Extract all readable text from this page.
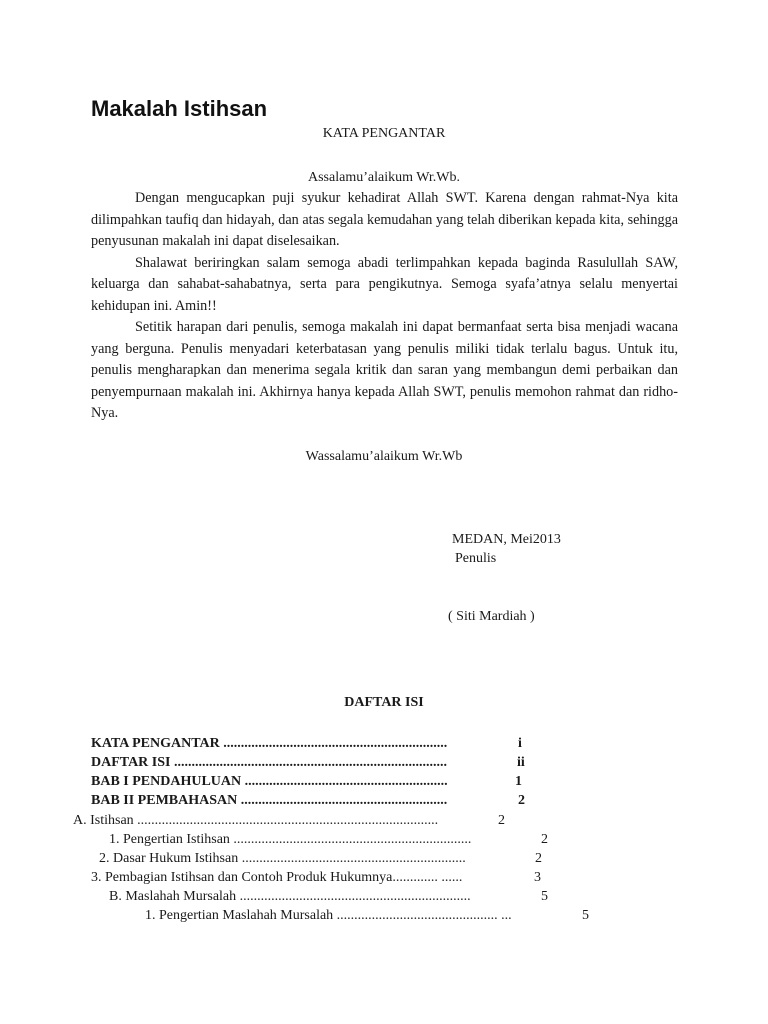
Makalah Istihsan
KATA PENGANTAR
Assalamu’alaikum Wr.Wb.

Dengan mengucapkan puji syukur kehadirat Allah SWT. Karena dengan rahmat-Nya kita dilimpahkan taufiq dan hidayah, dan atas segala kemudahan yang telah diberikan kepada kita, sehingga penyusunan makalah ini dapat diselesaikan.

Shalawat beriringkan salam semoga abadi terlimpahkan kepada baginda Rasulullah SAW, keluarga dan sahabat-sahabatnya, serta para pengikutnya. Semoga syafa’atnya selalu menyertai kehidupan ini. Amin!!

Setitik harapan dari penulis, semoga makalah ini dapat bermanfaat serta bisa menjadi wacana yang berguna. Penulis menyadari keterbatasan yang penulis miliki tidak terlalu bagus. Untuk itu, penulis mengharapkan dan menerima segala kritik dan saran yang membangun demi perbaikan dan penyempurnaan makalah ini. Akhirnya hanya kepada Allah SWT, penulis memohon rahmat dan ridho-Nya.

Wassalamu’alaikum Wr.Wb
MEDAN, Mei2013
Penulis
( Siti Mardiah )
DAFTAR ISI
KATA PENGANTAR ................................................................	i
DAFTAR ISI ..............................................................................	ii
BAB I PENDAHULUAN ..........................................................	1
BAB II PEMBAHASAN ...........................................................	2
A. Istihsan ......................................................................................	2
1. Pengertian Istihsan ....................................................................	2
2. Dasar Hukum Istihsan ................................................................	2
3. Pembagian Istihsan dan Contoh Produk Hukumnya............. ......	3
B. Maslahah Mursalah ..................................................................	5
1. Pengertian Maslahah Mursalah .............................................. ...	5
